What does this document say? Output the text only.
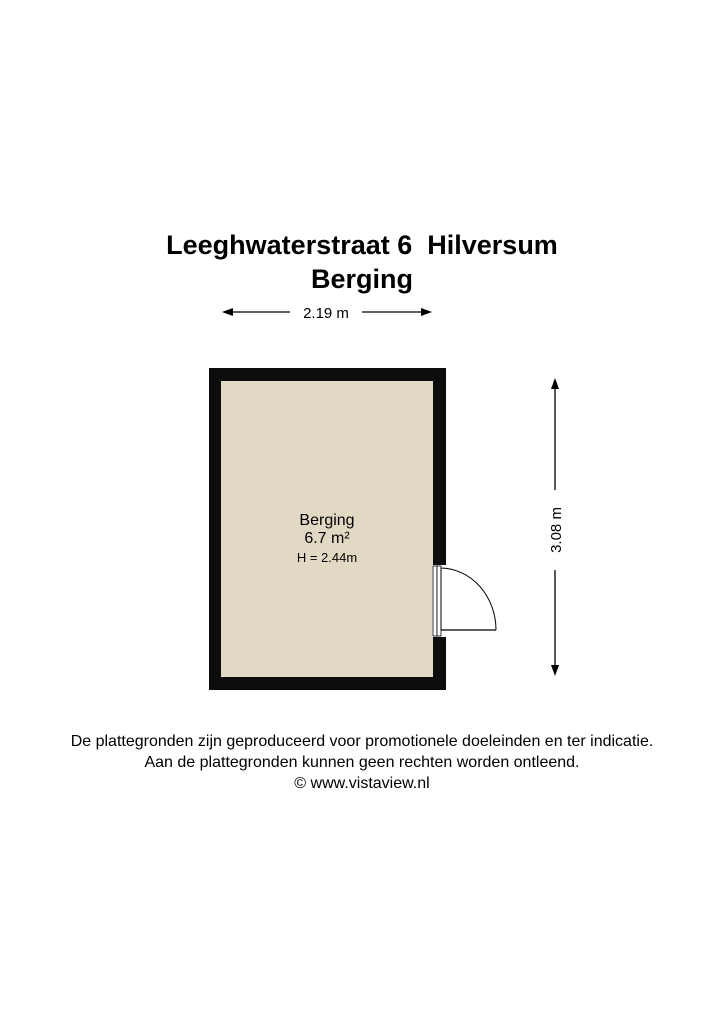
Leeghwaterstraat 6  Hilversum
Berging
2.19 m
3.08 m
Berging
6.7 m²
H = 2.44m
De plattegronden zijn geproduceerd voor promotionele doeleinden en ter indicatie.
Aan de plattegronden kunnen geen rechten worden ontleend.
© www.vistaview.nl
